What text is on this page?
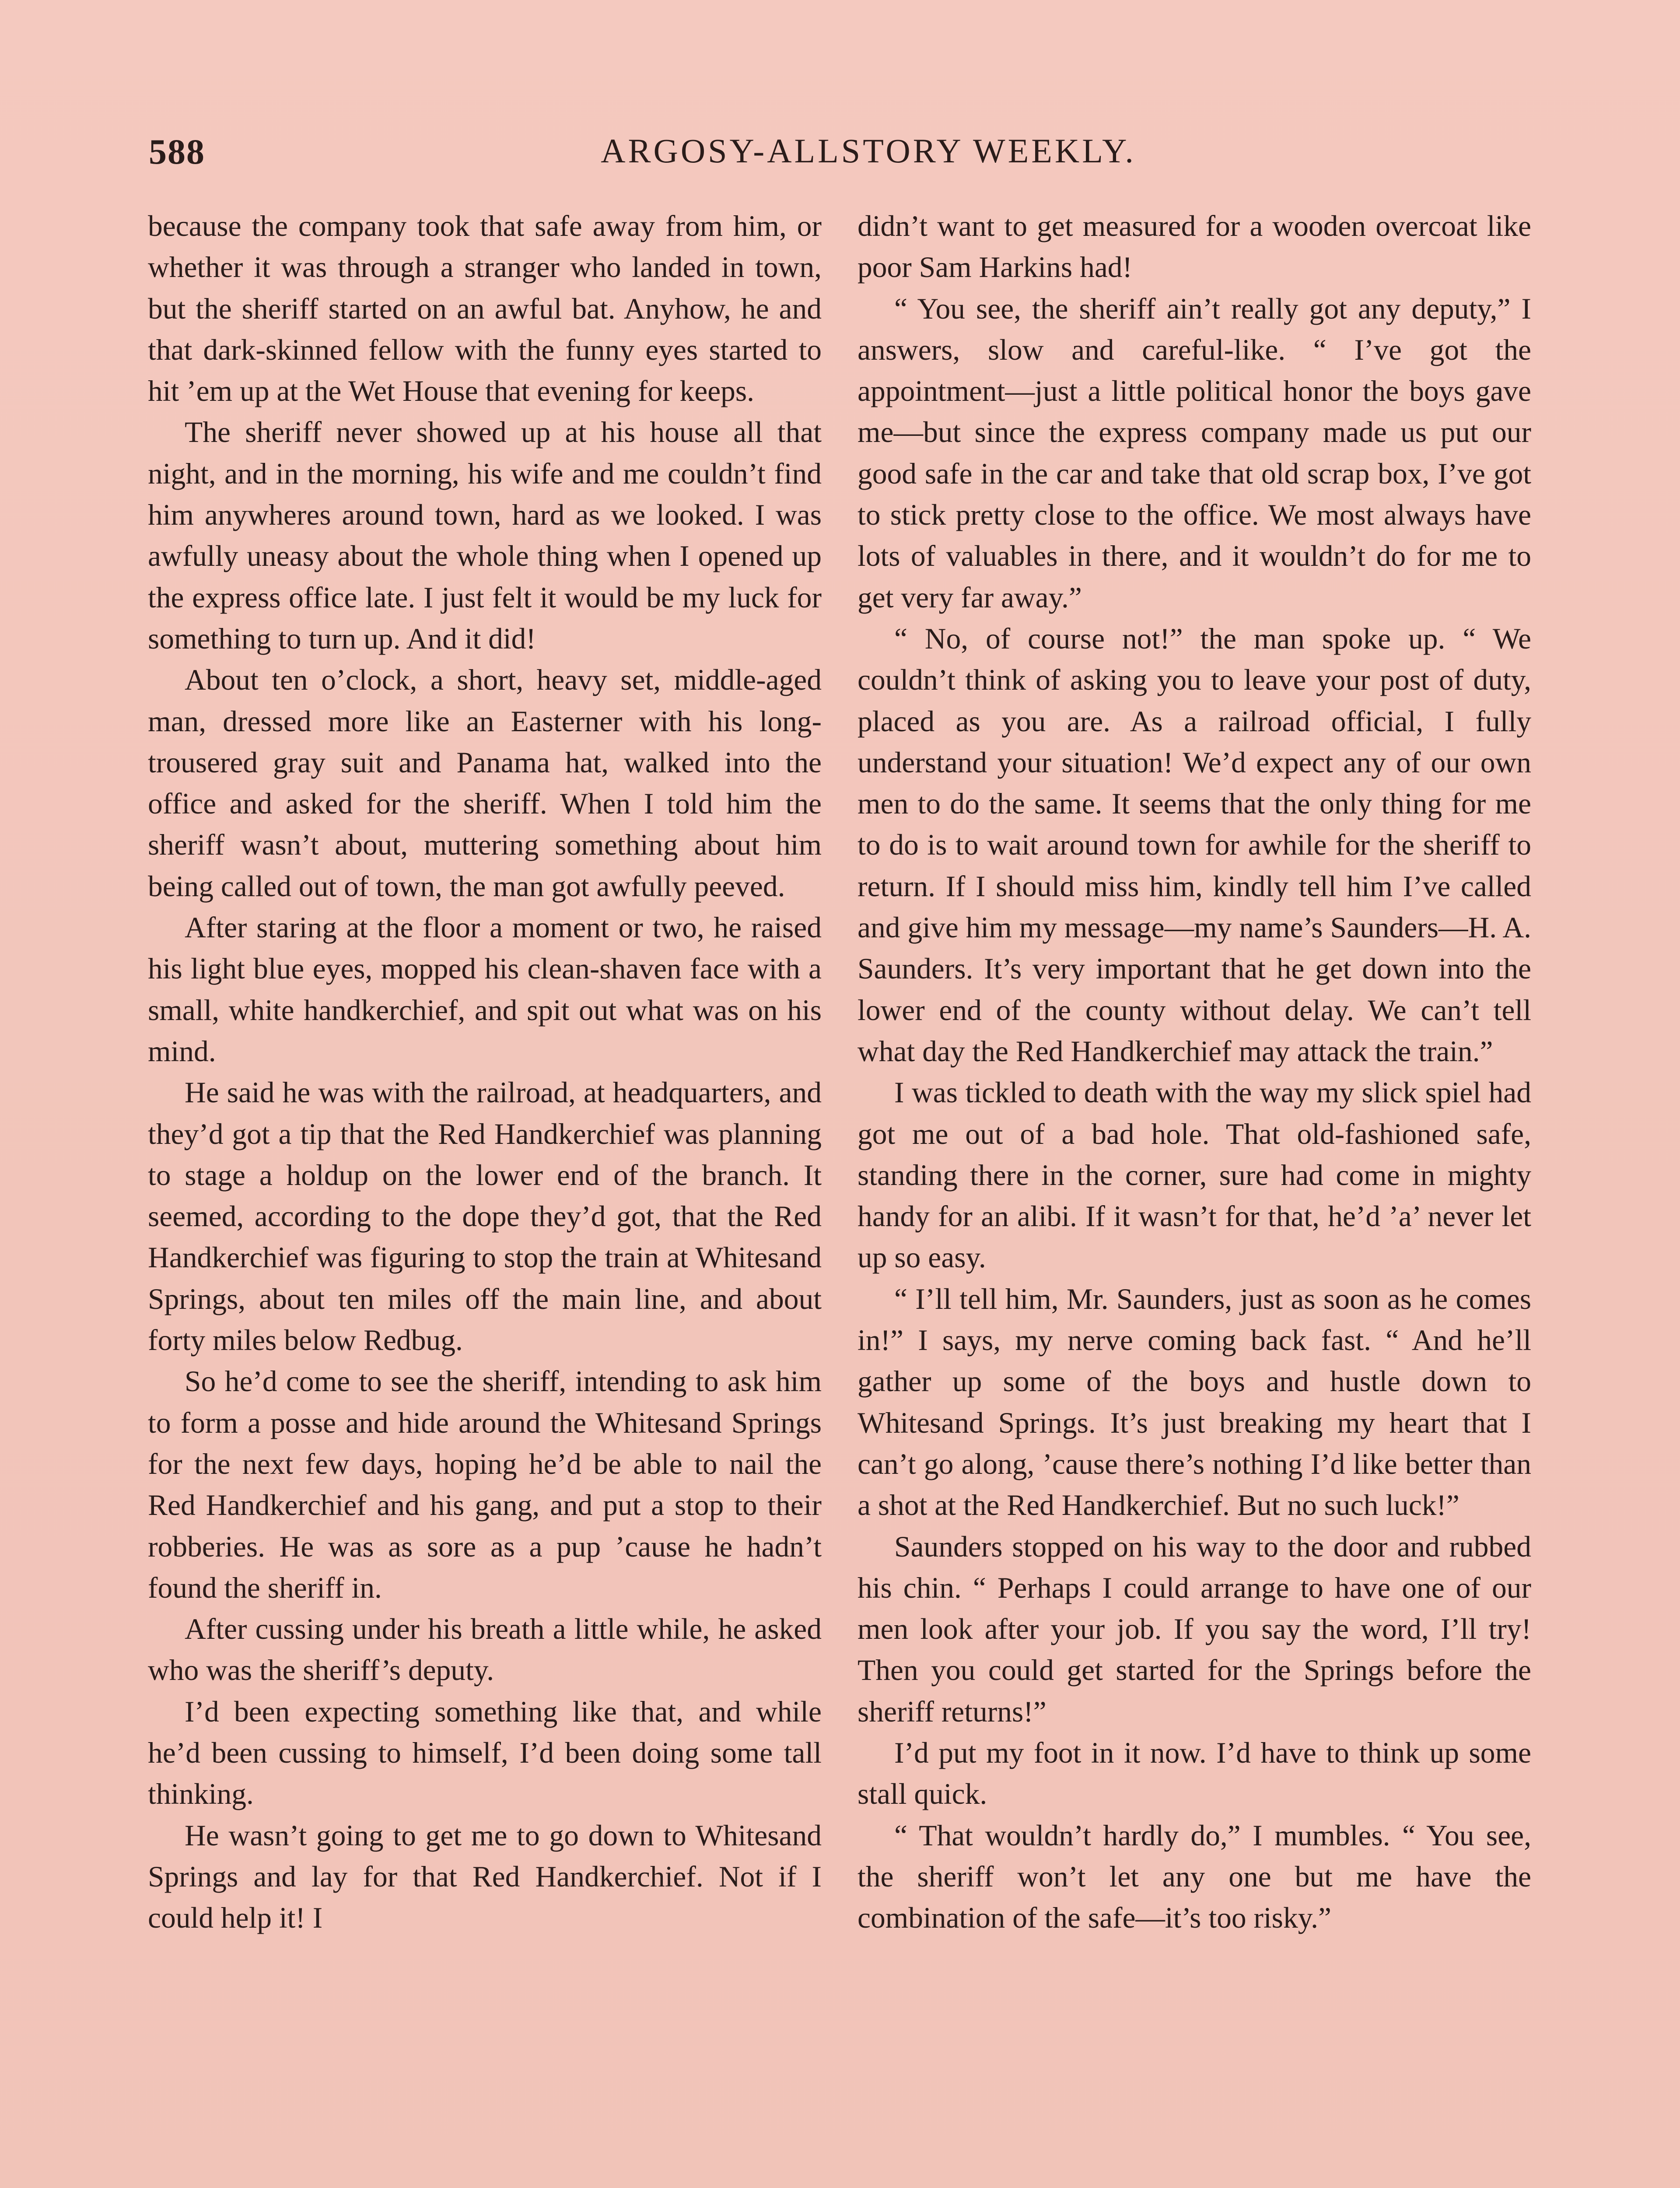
588	ARGOSY-ALLSTORY WEEKLY.

because the company took that safe away from him, or whether it was through a stranger who landed in town, but the sheriff started on an awful bat. Anyhow, he and that dark-skinned fellow with the funny eyes started to hit ’em up at the Wet House that evening for keeps.

The sheriff never showed up at his house all that night, and in the morning, his wife and me couldn’t find him anywheres around town, hard as we looked. I was awfully uneasy about the whole thing when I opened up the express office late. I just felt it would be my luck for something to turn up. And it did!

About ten o’clock, a short, heavy set, middle-aged man, dressed more like an Easterner with his long-trousered gray suit and Panama hat, walked into the office and asked for the sheriff. When I told him the sheriff wasn’t about, muttering something about him being called out of town, the man got awfully peeved.

After staring at the floor a moment or two, he raised his light blue eyes, mopped his clean-shaven face with a small, white handkerchief, and spit out what was on his mind.

He said he was with the railroad, at headquarters, and they’d got a tip that the Red Handkerchief was planning to stage a holdup on the lower end of the branch. It seemed, according to the dope they’d got, that the Red Handkerchief was figuring to stop the train at Whitesand Springs, about ten miles off the main line, and about forty miles below Redbug.

So he’d come to see the sheriff, intending to ask him to form a posse and hide around the Whitesand Springs for the next few days, hoping he’d be able to nail the Red Handkerchief and his gang, and put a stop to their robberies. He was as sore as a pup ’cause he hadn’t found the sheriff in.

After cussing under his breath a little while, he asked who was the sheriff’s deputy.

I’d been expecting something like that, and while he’d been cussing to himself, I’d been doing some tall thinking.

He wasn’t going to get me to go down to Whitesand Springs and lay for that Red Handkerchief. Not if I could help it! I

didn’t want to get measured for a wooden overcoat like poor Sam Harkins had!

“ You see, the sheriff ain’t really got any deputy,” I answers, slow and careful-like. “ I’ve got the appointment—just a little political honor the boys gave me—but since the express company made us put our good safe in the car and take that old scrap box, I’ve got to stick pretty close to the office. We most always have lots of valuables in there, and it wouldn’t do for me to get very far away.”

“ No, of course not!” the man spoke up. “ We couldn’t think of asking you to leave your post of duty, placed as you are. As a railroad official, I fully understand your situation! We’d expect any of our own men to do the same. It seems that the only thing for me to do is to wait around town for awhile for the sheriff to return. If I should miss him, kindly tell him I’ve called and give him my message—my name’s Saunders—H. A. Saunders. It’s very important that he get down into the lower end of the county without delay. We can’t tell what day the Red Handkerchief may attack the train.”

I was tickled to death with the way my slick spiel had got me out of a bad hole. That old-fashioned safe, standing there in the corner, sure had come in mighty handy for an alibi. If it wasn’t for that, he’d ’a’ never let up so easy.

“ I’ll tell him, Mr. Saunders, just as soon as he comes in!” I says, my nerve coming back fast. “ And he’ll gather up some of the boys and hustle down to Whitesand Springs. It’s just breaking my heart that I can’t go along, ’cause there’s nothing I’d like better than a shot at the Red Handkerchief. But no such luck!”

Saunders stopped on his way to the door and rubbed his chin. “ Perhaps I could arrange to have one of our men look after your job. If you say the word, I’ll try! Then you could get started for the Springs before the sheriff returns!”

I’d put my foot in it now. I’d have to think up some stall quick.

“ That wouldn’t hardly do,” I mumbles. “ You see, the sheriff won’t let any one but me have the combination of the safe—it’s too risky.”
